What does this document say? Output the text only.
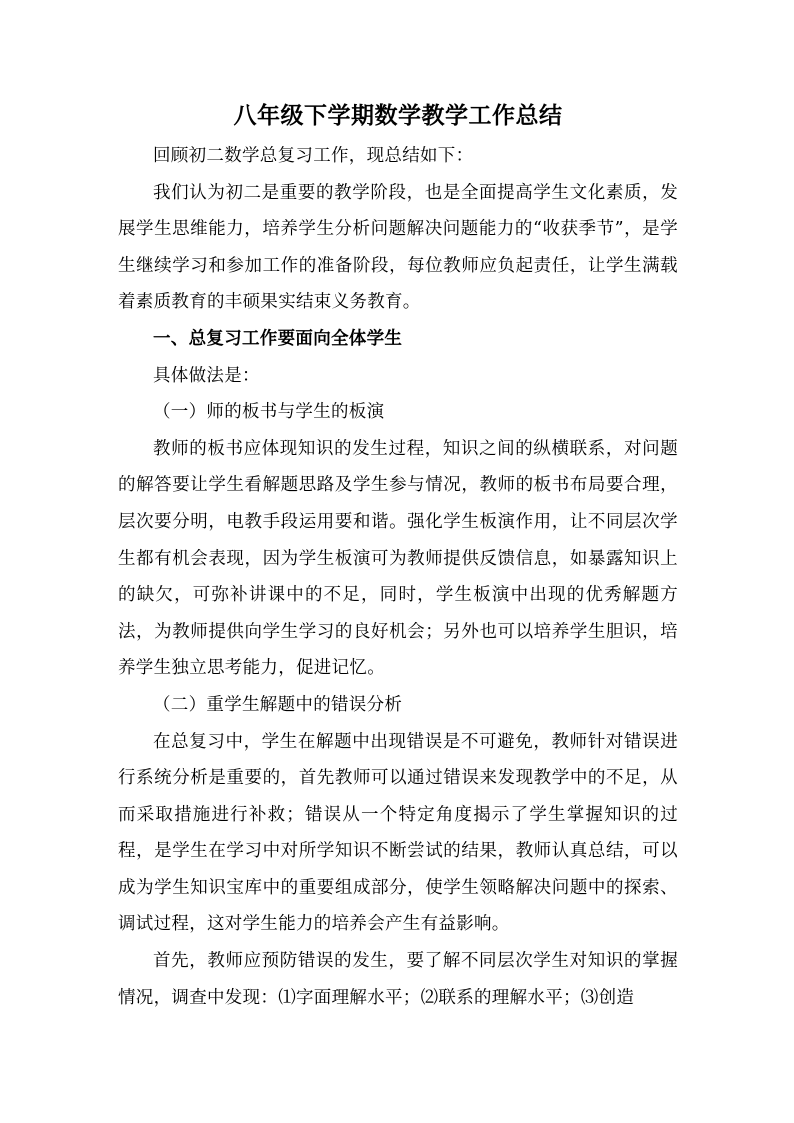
八年级下学期数学教学工作总结

回顾初二数学总复习工作，现总结如下：

我们认为初二是重要的教学阶段，也是全面提高学生文化素质，发展学生思维能力，培养学生分析问题解决问题能力的“收获季节”，是学生继续学习和参加工作的准备阶段，每位教师应负起责任，让学生满载着素质教育的丰硕果实结束义务教育。

一、总复习工作要面向全体学生

具体做法是：

（一）师的板书与学生的板演

教师的板书应体现知识的发生过程，知识之间的纵横联系，对问题的解答要让学生看解题思路及学生参与情况，教师的板书布局要合理，层次要分明，电教手段运用要和谐。强化学生板演作用，让不同层次学生都有机会表现，因为学生板演可为教师提供反馈信息，如暴露知识上的缺欠，可弥补讲课中的不足，同时，学生板演中出现的优秀解题方法，为教师提供向学生学习的良好机会；另外也可以培养学生胆识，培养学生独立思考能力，促进记忆。

（二）重学生解题中的错误分析

在总复习中，学生在解题中出现错误是不可避免，教师针对错误进行系统分析是重要的，首先教师可以通过错误来发现教学中的不足，从而采取措施进行补救；错误从一个特定角度揭示了学生掌握知识的过程，是学生在学习中对所学知识不断尝试的结果，教师认真总结，可以成为学生知识宝库中的重要组成部分，使学生领略解决问题中的探索、调试过程，这对学生能力的培养会产生有益影响。

首先，教师应预防错误的发生，要了解不同层次学生对知识的掌握情况，调查中发现：⑴字面理解水平；⑵联系的理解水平；⑶创造
